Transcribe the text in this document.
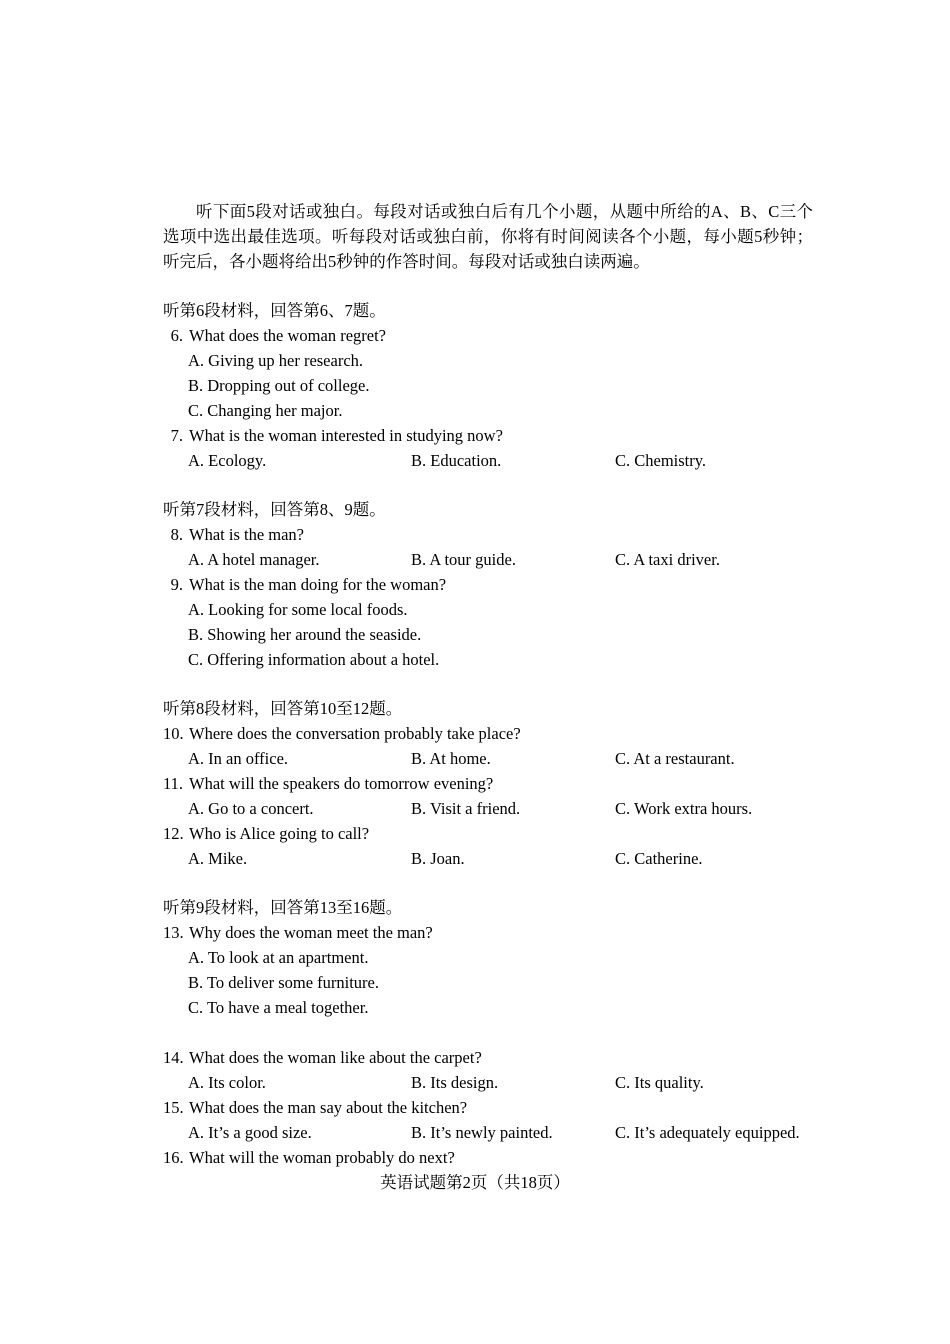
听下面5段对话或独白。每段对话或独白后有几个小题，从题中所给的A、B、C三个选项中选出最佳选项。听每段对话或独白前，你将有时间阅读各个小题，每小题5秒钟；听完后，各小题将给出5秒钟的作答时间。每段对话或独白读两遍。

听第6段材料，回答第6、7题。
6. What does the woman regret?
A. Giving up her research.
B. Dropping out of college.
C. Changing her major.
7. What is the woman interested in studying now?
A. Ecology.	B. Education.	C. Chemistry.
听第7段材料，回答第8、9题。
8. What is the man?
A. A hotel manager.	B. A tour guide.	C. A taxi driver.
9. What is the man doing for the woman?
A. Looking for some local foods.
B. Showing her around the seaside.
C. Offering information about a hotel.
听第8段材料，回答第10至12题。
10. Where does the conversation probably take place?
A. In an office.	B. At home.	C. At a restaurant.
11. What will the speakers do tomorrow evening?
A. Go to a concert.	B. Visit a friend.	C. Work extra hours.
12. Who is Alice going to call?
A. Mike.	B. Joan.	C. Catherine.
听第9段材料，回答第13至16题。
13. Why does the woman meet the man?
A. To look at an apartment.
B. To deliver some furniture.
C. To have a meal together.
14. What does the woman like about the carpet?
A. Its color.	B. Its design.	C. Its quality.
15. What does the man say about the kitchen?
A. It’s a good size.	B. It’s newly painted.	C. It’s adequately equipped.
16. What will the woman probably do next?
英语试题第2页（共18页）
